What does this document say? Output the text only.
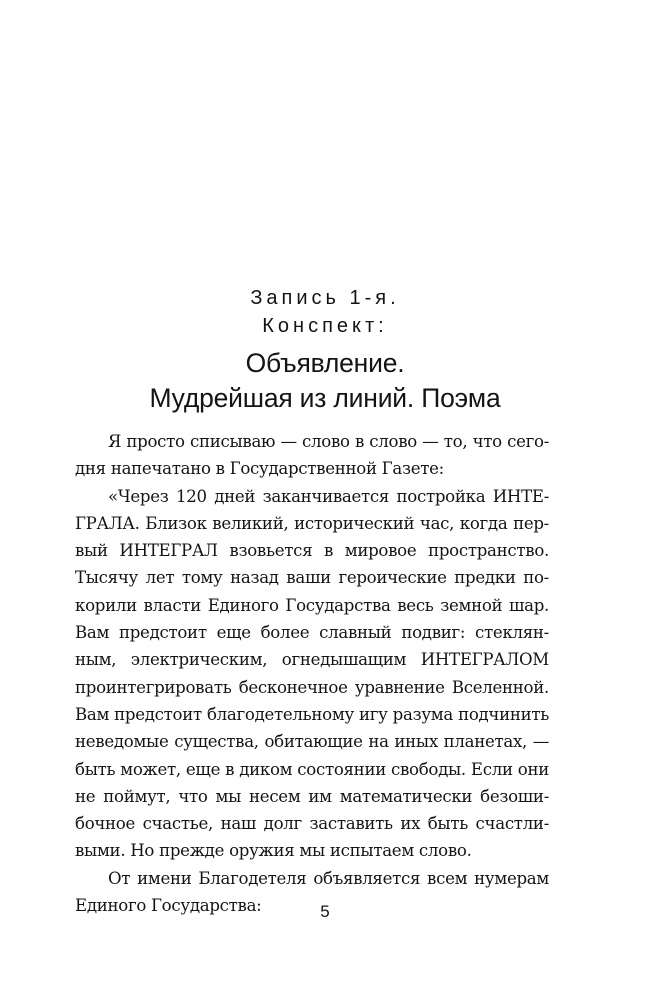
Запись 1-я.
Конспект:
Объявление.
Мудрейшая из линий. Поэма
Я просто списываю — слово в слово — то, что сего-
дня напечатано в Государственной Газете:
«Через 120 дней заканчивается постройка ИНТЕ-
ГРАЛА. Близок великий, исторический час, когда пер-
вый ИНТЕГРАЛ взовьется в мировое пространство.
Тысячу лет тому назад ваши героические предки по-
корили власти Единого Государства весь земной шар.
Вам предстоит еще более славный подвиг: стеклян-
ным, электрическим, огнедышащим ИНТЕГРАЛОМ
проинтегрировать бесконечное уравнение Вселенной.
Вам предстоит благодетельному игу разума подчинить
неведомые существа, обитающие на иных планетах, —
быть может, еще в диком состоянии свободы. Если они
не поймут, что мы несем им математически безоши-
бочное счастье, наш долг заставить их быть счастли-
выми. Но прежде оружия мы испытаем слово.
От имени Благодетеля объявляется всем нумерам
Единого Государства:	5
